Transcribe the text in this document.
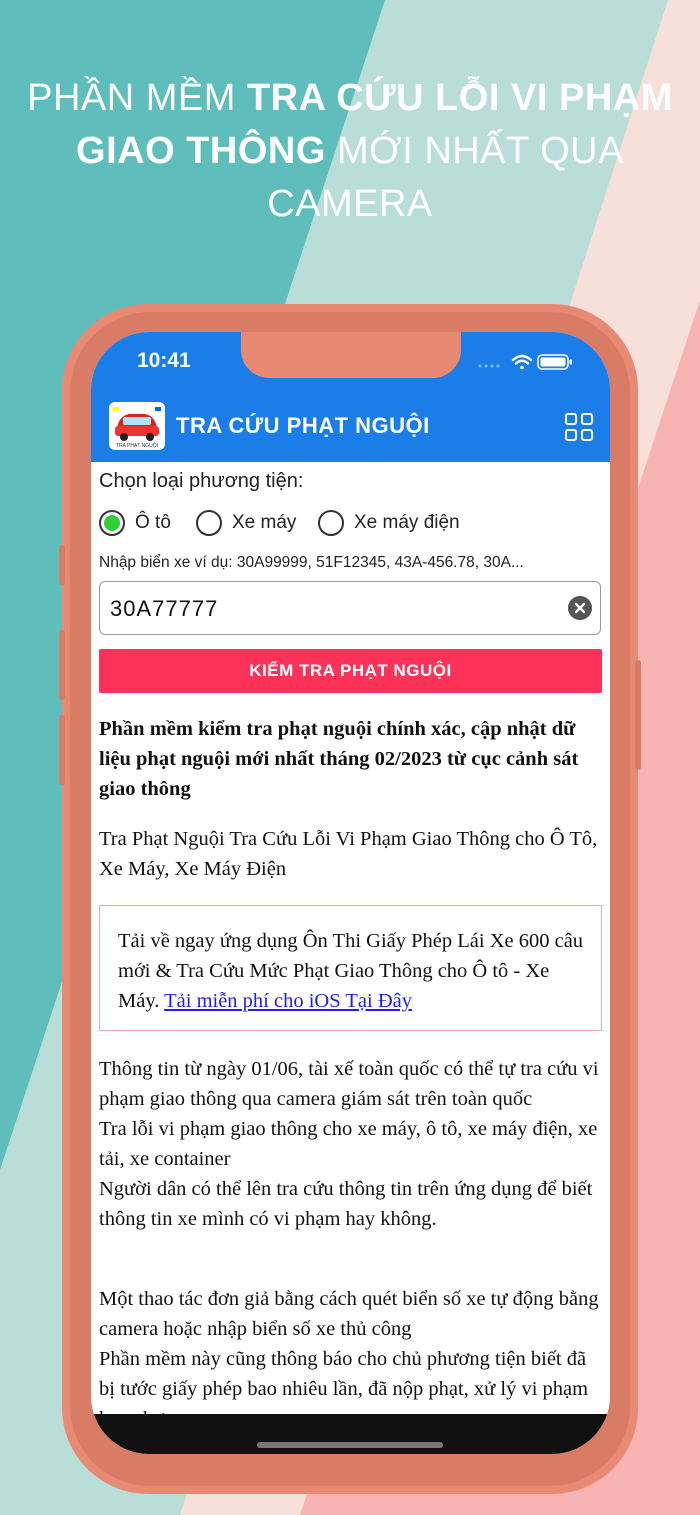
PHẦN MỀM TRA CỨU LỖI VI PHẠM GIAO THÔNG MỚI NHẤT QUA CAMERA
10:41
TRA PHẠT NGUỘI
TRA CỨU PHẠT NGUỘI
Chọn loại phương tiện:
Ô tô	Xe máy	Xe máy điện
Nhập biển xe ví dụ: 30A99999, 51F12345, 43A-456.78, 30A...
30A77777
KIỂM TRA PHẠT NGUỘI
Phần mềm kiểm tra phạt nguội chính xác, cập nhật dữ liệu phạt nguội mới nhất tháng 02/2023 từ cục cảnh sát giao thông
Tra Phạt Nguội Tra Cứu Lỗi Vi Phạm Giao Thông cho Ô Tô, Xe Máy, Xe Máy Điện
Tải về ngay ứng dụng Ôn Thi Giấy Phép Lái Xe 600 câu mới & Tra Cứu Mức Phạt Giao Thông cho Ô tô - Xe Máy. Tải miễn phí cho iOS Tại Đây
Thông tin từ ngày 01/06, tài xế toàn quốc có thể tự tra cứu vi phạm giao thông qua camera giám sát trên toàn quốc
Tra lỗi vi phạm giao thông cho xe máy, ô tô, xe máy điện, xe tải, xe container
Người dân có thể lên tra cứu thông tin trên ứng dụng để biết thông tin xe mình có vi phạm hay không.
Một thao tác đơn giả bằng cách quét biển số xe tự động bằng camera hoặc nhập biển số xe thủ công
Phần mềm này cũng thông báo cho chủ phương tiện biết đã bị tước giấy phép bao nhiêu lần, đã nộp phạt, xử lý vi phạm
